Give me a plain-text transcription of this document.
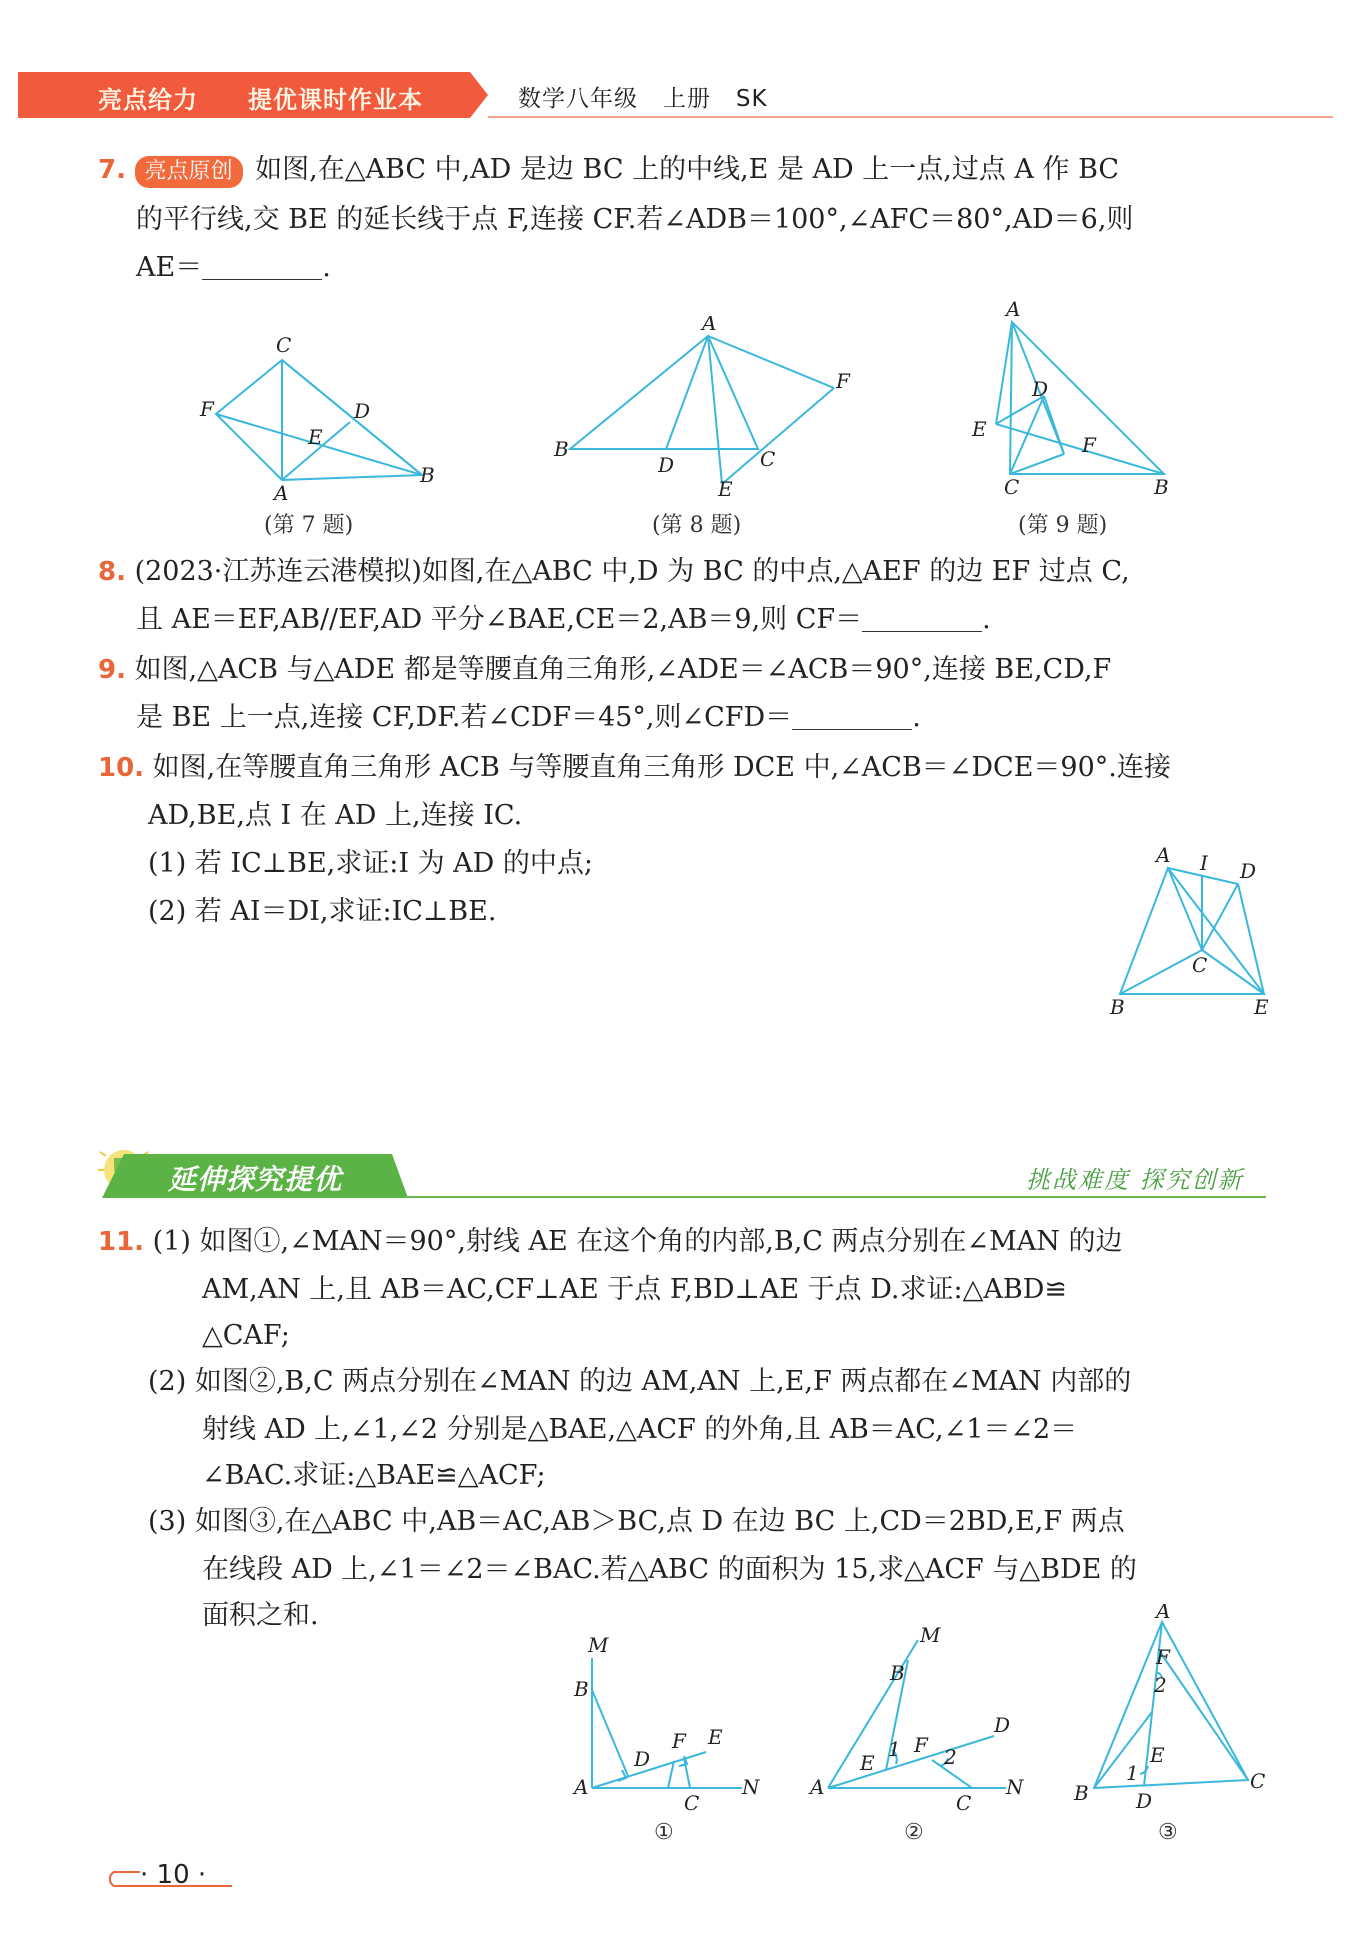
亮点给力 提优课时作业本	数学八年级 上册 SK
7. 亮点原创 如图,在△ABC 中,AD 是边 BC 上的中线,E 是 AD 上一点,过点 A 作 BC
的平行线,交 BE 的延长线于点 F,连接 CF.若∠ADB＝100°,∠AFC＝80°,AD＝6,则
AE＝	.
C
F	D
E
A
B
(第 7 题)
A
F
B
D	C
E
(第 8 题)
A
D
E
F
C	B
(第 9 题)
8. (2023·江苏连云港模拟)如图,在△ABC 中,D 为 BC 的中点,△AEF 的边 EF 过点 C,
且 AE＝EF,AB//EF,AD 平分∠BAE,CE＝2,AB＝9,则 CF＝	.
9. 如图,△ACB 与△ADE 都是等腰直角三角形,∠ADE＝∠ACB＝90°,连接 BE,CD,F
是 BE 上一点,连接 CF,DF.若∠CDF＝45°,则∠CFD＝	.
10. 如图,在等腰直角三角形 ACB 与等腰直角三角形 DCE 中,∠ACB＝∠DCE＝90°.连接
AD,BE,点 I 在 AD 上,连接 IC.
(1) 若 IC⊥BE,求证:I 为 AD 的中点;
(2) 若 AI＝DI,求证:IC⊥BE.
A I D
C
B	E
延伸探究提优	挑战难度 探究创新
11. (1) 如图①,∠MAN＝90°,射线 AE 在这个角的内部,B,C 两点分别在∠MAN 的边
AM,AN 上,且 AB＝AC,CF⊥AE 于点 F,BD⊥AE 于点 D.求证:△ABD≌
△CAF;
(2) 如图②,B,C 两点分别在∠MAN 的边 AM,AN 上,E,F 两点都在∠MAN 内部的
射线 AD 上,∠1,∠2 分别是△BAE,△ACF 的外角,且 AB＝AC,∠1＝∠2＝
∠BAC.求证:△BAE≌△ACF;
(3) 如图③,在△ABC 中,AB＝AC,AB＞BC,点 D 在边 BC 上,CD＝2BD,E,F 两点
在线段 AD 上,∠1＝∠2＝∠BAC.若△ABC 的面积为 15,求△ACF 与△BDE 的
面积之和.
M
B
D
F E
A
C
N
①
M
B
D
F
E
1 2
A
C
N
②
A
F
2
E
1
B D
C
③
· 10 ·
